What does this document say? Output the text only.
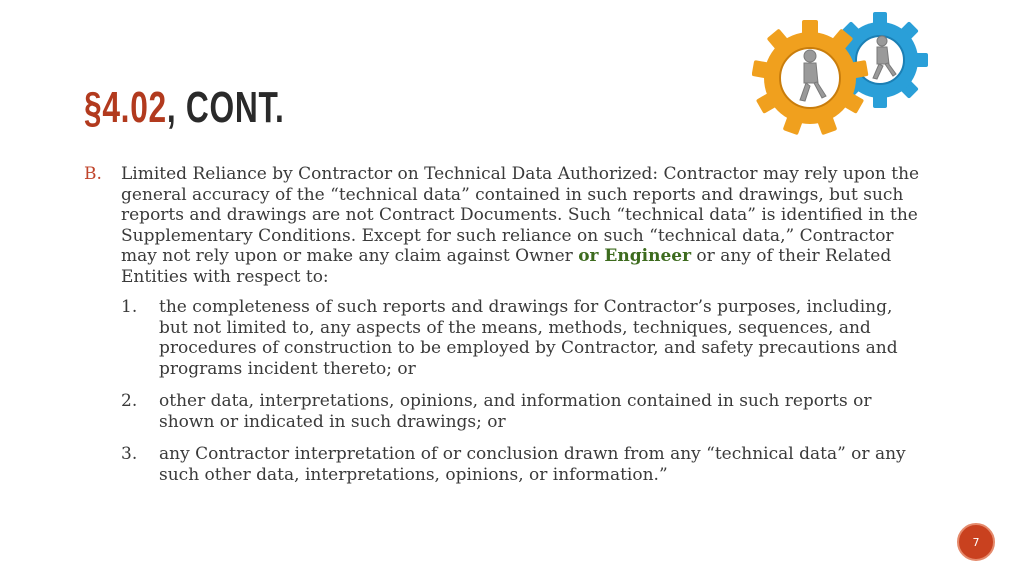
§4.02, CONT.
B.	Limited Reliance by Contractor on Technical Data Authorized: Contractor may rely upon the general accuracy of the “technical data” contained in such reports and drawings, but such reports and drawings are not Contract Documents. Such “technical data” is identified in the Supplementary Conditions. Except for such reliance on such “technical data,” Contractor may not rely upon or make any claim against Owner or Engineer or any of their Related Entities with respect to:
1.	the completeness of such reports and drawings for Contractor’s purposes, including, but not limited to, any aspects of the means, methods, techniques, sequences, and procedures of construction to be employed by Contractor, and safety precautions and programs incident thereto; or
2.	other data, interpretations, opinions, and information contained in such reports or shown or indicated in such drawings; or
3.	any Contractor interpretation of or conclusion drawn from any “technical data” or any such other data, interpretations, opinions, or information.”
7
